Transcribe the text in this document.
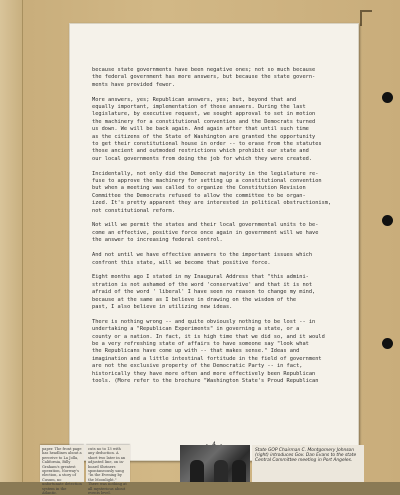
because state governments have been negative ones; not so much because
the federal government has more answers, but because the state govern-
ments have provided fewer.

More answers, yes; Republican answers, yes; but, beyond that and
equally important, implementation of those answers. During the last
legislature, by executive request, we sought approval to set in motion
the machinery for a constitutional convention and the Democrats turned
us down. We will be back again. And again after that until such time
as the citizens of the State of Washington are granted the opportunity
to get their constitutional house in order -- to erase from the statutes
those ancient and outmoded restrictions which prohibit our state and
our local governments from doing the job for which they were created.

Incidentally, not only did the Democrat majority in the legislature re-
fuse to approve the machinery for setting up a constitutional convention
but when a meeting was called to organize the Constitution Revision
Committee the Democrats refused to allow the committee to be organ-
ized. It's pretty apparent they are interested in political obstructionism,
not constitutional reform.

Not will we permit the states and their local governmental units to be-
come an effective, positive force once again in government will we have
the answer to increasing federal control.

And not until we have effective answers to the important issues which
confront this state, will we become that positive force.

Eight months ago I stated in my Inaugural Address that "this admini-
stration is not ashamed of the word 'conservative' and that it is not
afraid of the word ' liberal' I have seen no reason to change my mind,
because at the same as I believe in drawing on the wisdom of the
past, I also believe in utilizing new ideas.

There is nothing wrong -- and quite obviously nothing to be lost -- in
undertaking a "Republican Experiments" in governing a state, or a
county or a nation. In fact, it is high time that we did so, and it would
be a very refreshing state of affairs to have someone say "look what
the Republicans have come up with -- that makes sense." Ideas and
imagination and a little intestinal fortitude in the field of government
are not the exclusive property of the Democratic Party -- in fact,
historically they have more often and more effectively been Republican
tools. (More refer to the brochure "Washington State's Proud Republican

paper. The front page has headlines about a perceive to La Jolla, California, Billy Graham's greatest operation, Norway's election, a story of Cusum, no unfortunate detection system in the Atlantic.
cuts no to 13 with any deduction. A short two later in an adjusted line, on in-board Shriners spontaneously sang "In the Evening by the Moonlight." There was nothing at all mysterious about events level.
State GOP Chairman C. Montgomery Johnson (right) introduces Gov. Dan Evans to the state Central Committee meeting in Port Angeles.
